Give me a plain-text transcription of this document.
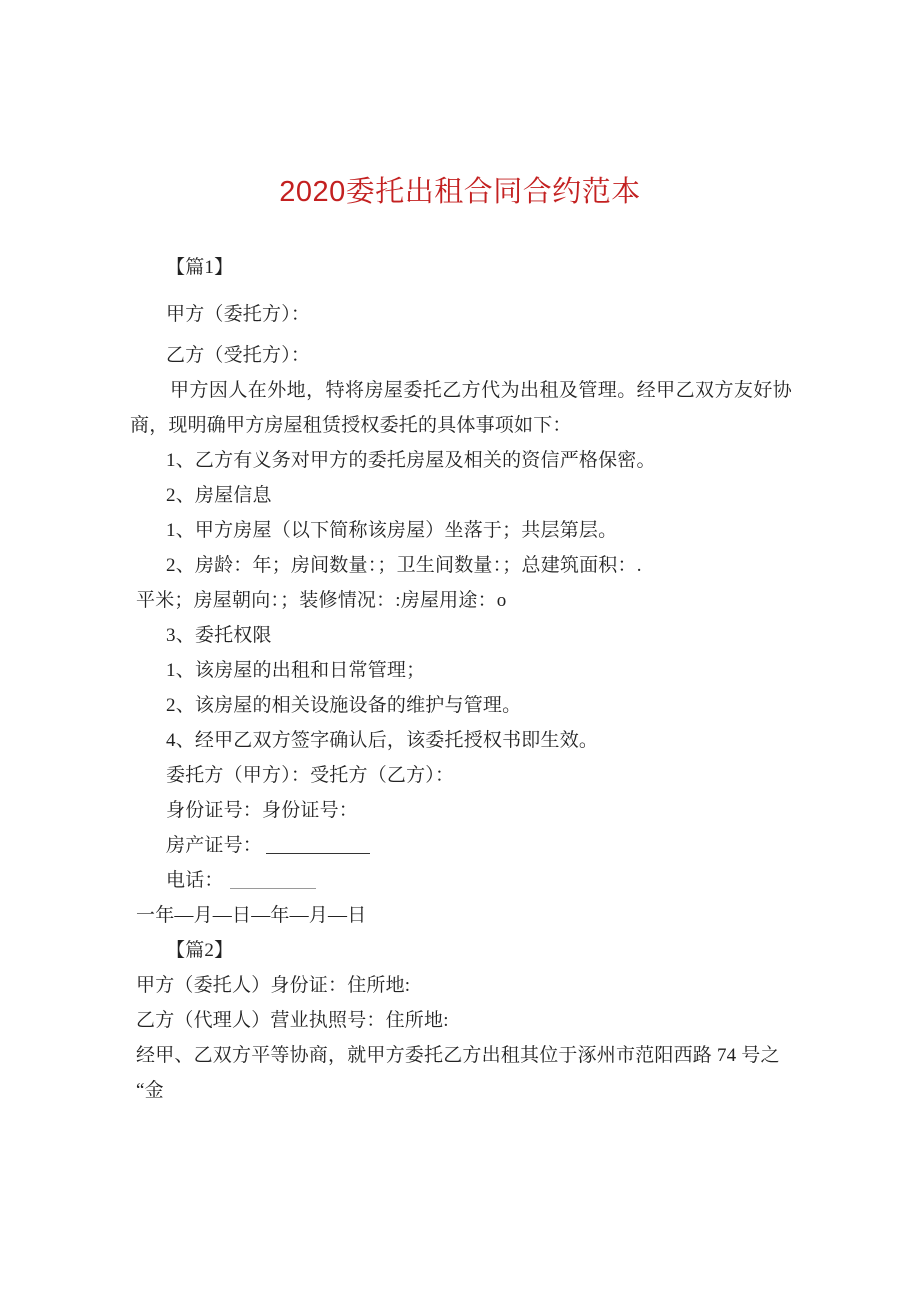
2020委托出租合同合约范本
【篇1】
甲方（委托方）：
乙方（受托方）：
甲方因人在外地，特将房屋委托乙方代为出租及管理。经甲乙双方友好协商，现明确甲方房屋租赁授权委托的具体事项如下：
1、乙方有义务对甲方的委托房屋及相关的资信严格保密。
2、房屋信息
1、甲方房屋（以下简称该房屋）坐落于；共层第层。
2、房龄：年；房间数量：；卫生间数量：；总建筑面积：.
平米；房屋朝向：；装修情况：:房屋用途：o
3、委托权限
1、该房屋的出租和日常管理；
2、该房屋的相关设施设备的维护与管理。
4、经甲乙双方签字确认后，该委托授权书即生效。
委托方（甲方）：受托方（乙方）：
身份证号：身份证号：
房产证号：
电话：
一年—月—日—年—月—日
【篇2】
甲方（委托人）身份证：住所地:
乙方（代理人）营业执照号：住所地:
经甲、乙双方平等协商，就甲方委托乙方出租其位于涿州市范阳西路 74 号之“金
